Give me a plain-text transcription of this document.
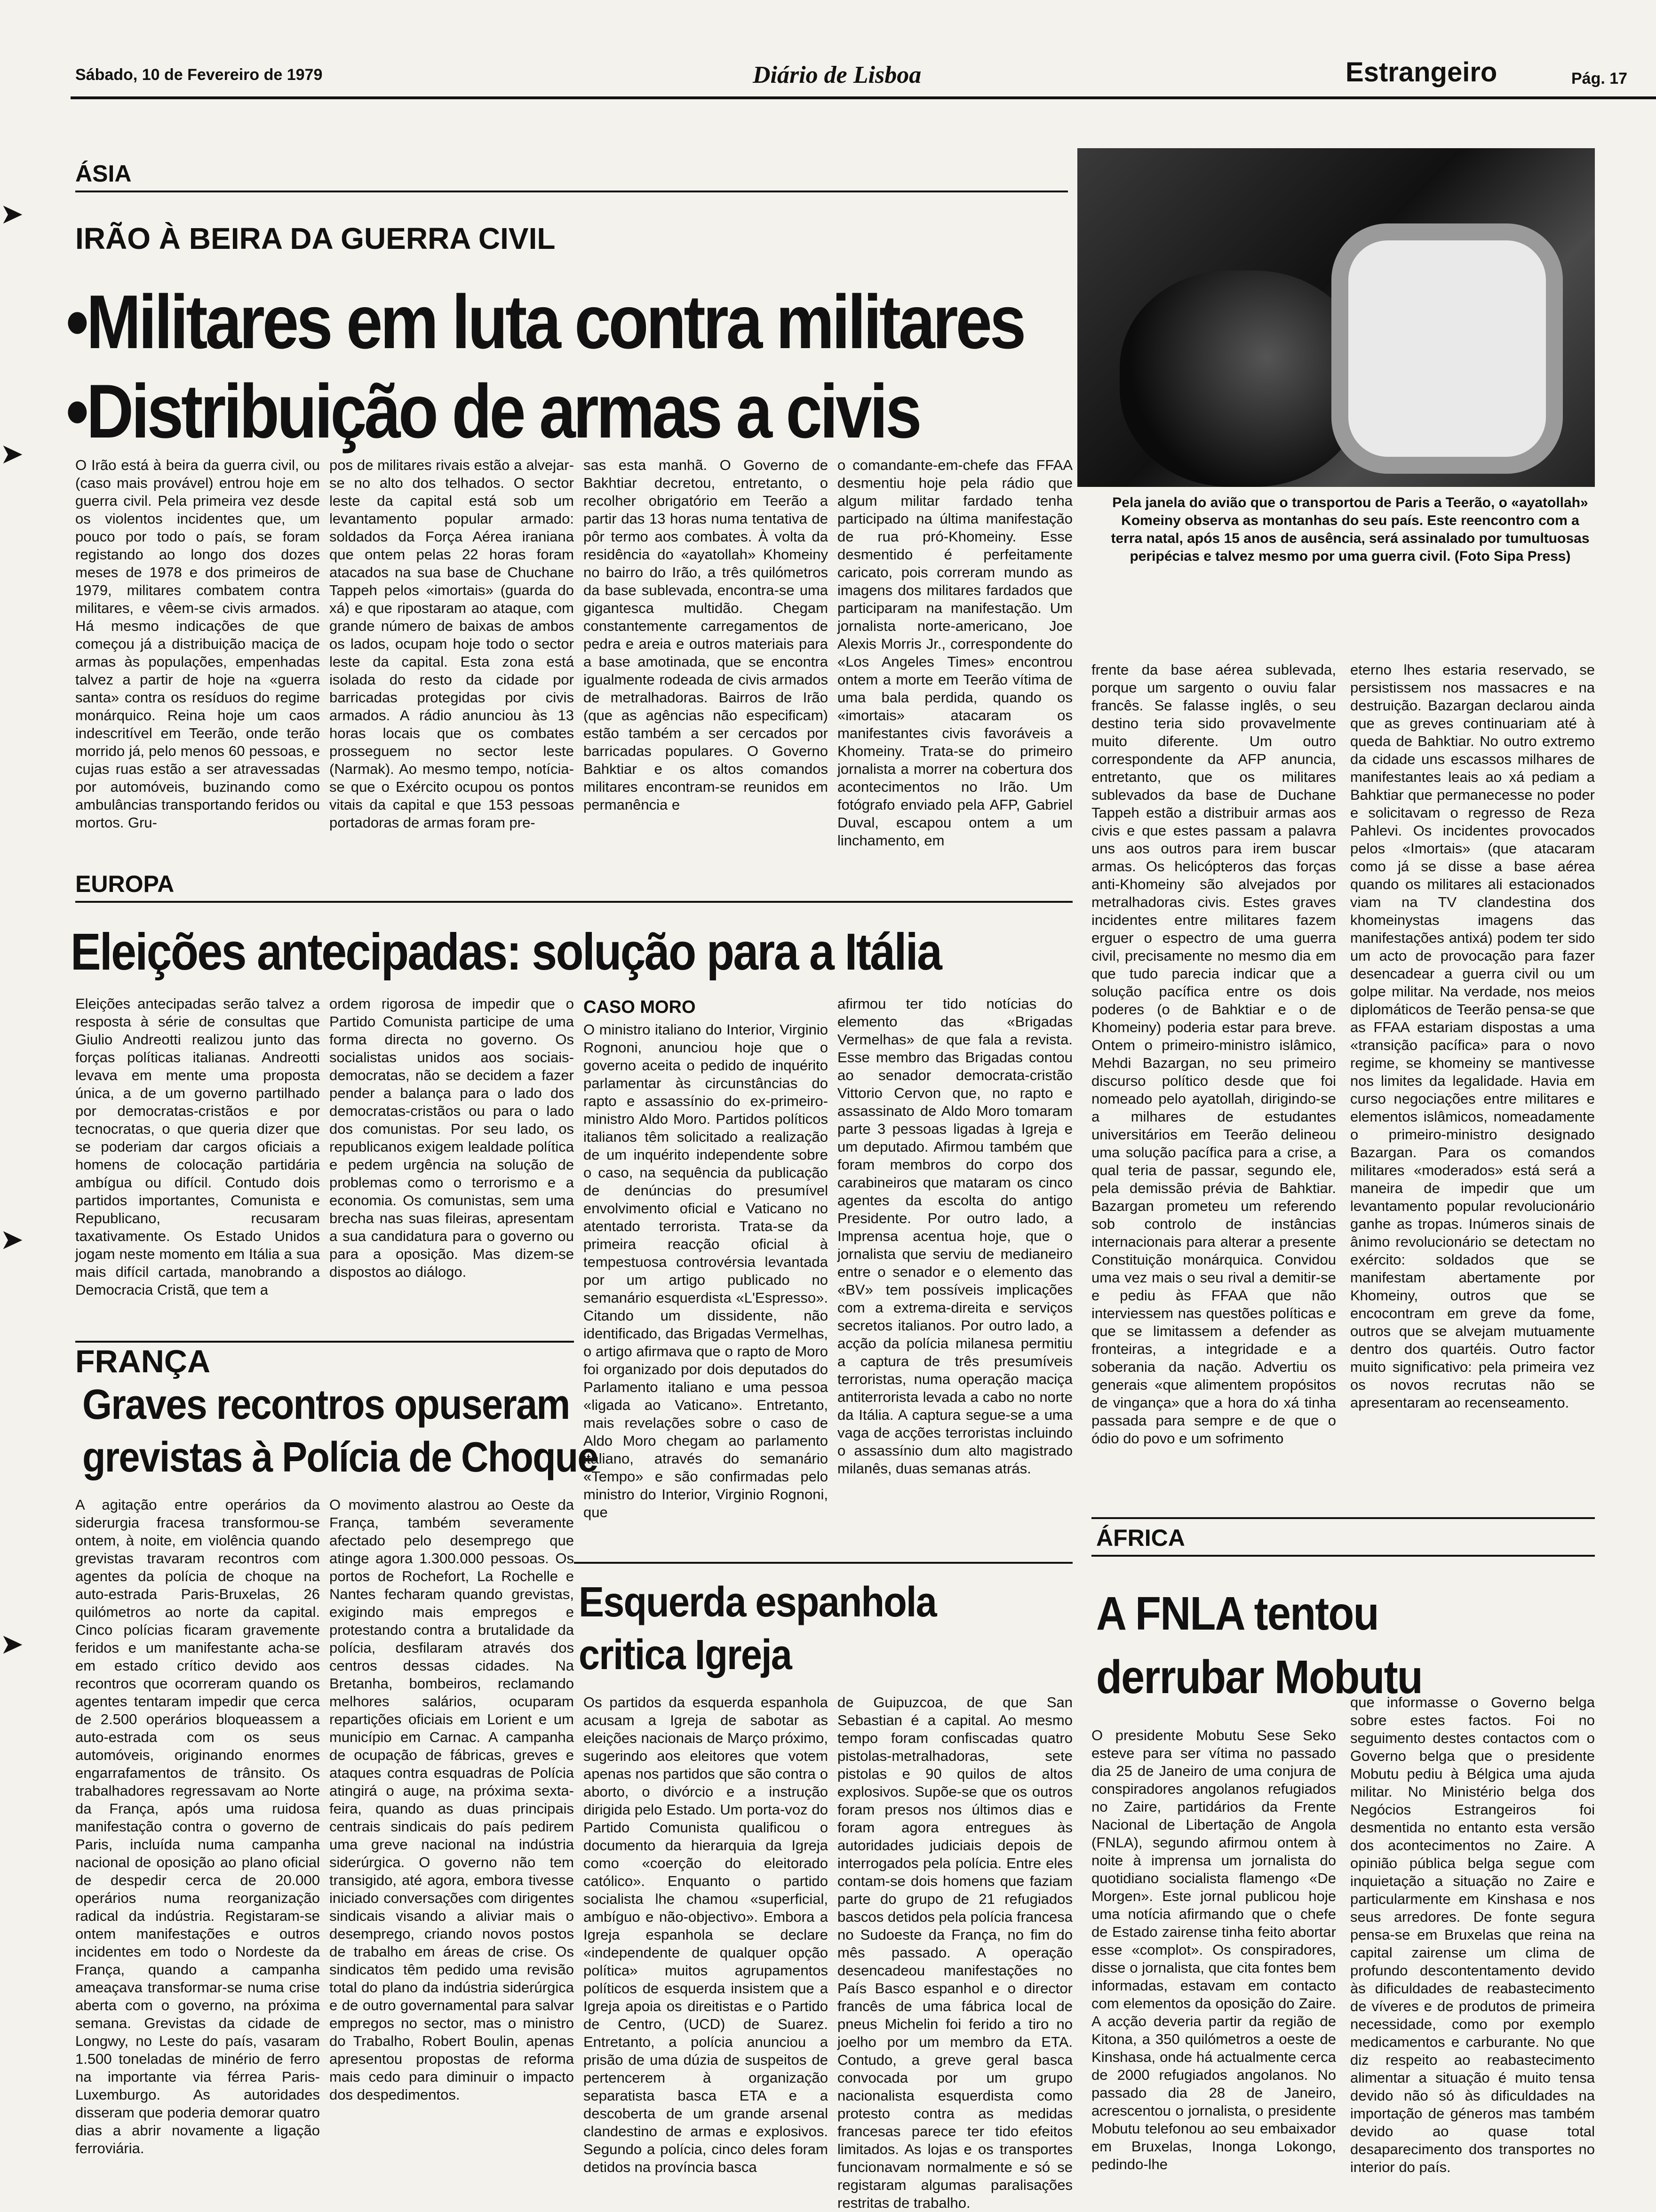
Sábado, 10 de Fevereiro de 1979	Diário de Lisboa	Estrangeiro	Pág. 17
➤
➤
➤
➤
ÁSIA
IRÃO À BEIRA DA GUERRA CIVIL
•Militares em luta contra militares
•Distribuição de armas a civis
O Irão está à beira da guerra civil, ou (caso mais provável) entrou hoje em guerra civil. Pela primeira vez desde os violentos incidentes que, um pouco por todo o país, se foram registando ao longo dos dozes meses de 1978 e dos primeiros de 1979, militares combatem contra militares, e vêem-se civis armados. Há mesmo indicações de que começou já a distribuição maciça de armas às populações, empenhadas talvez a partir de hoje na «guerra santa» contra os resíduos do regime monárquico. Reina hoje um caos indescritível em Teerão, onde terão morrido já, pelo menos 60 pessoas, e cujas ruas estão a ser atravessadas por automóveis, buzinando como ambulâncias transportando feridos ou mortos. Gru-
pos de militares rivais estão a alvejar-se no alto dos telhados. O sector leste da capital está sob um levantamento popular armado: soldados da Força Aérea iraniana que ontem pelas 22 horas foram atacados na sua base de Chuchane Tappeh pelos «imortais» (guarda do xá) e que ripostaram ao ataque, com grande número de baixas de ambos os lados, ocupam hoje todo o sector leste da capital. Esta zona está isolada do resto da cidade por barricadas protegidas por civis armados. A rádio anunciou às 13 horas locais que os combates prosseguem no sector leste (Narmak). Ao mesmo tempo, notícia-se que o Exército ocupou os pontos vitais da capital e que 153 pessoas portadoras de armas foram pre-
sas esta manhã. O Governo de Bakhtiar decretou, entretanto, o recolher obrigatório em Teerão a partir das 13 horas numa tentativa de pôr termo aos combates. À volta da residência do «ayatollah» Khomeiny no bairro do Irão, a três quilómetros da base sublevada, encontra-se uma gigantesca multidão. Chegam constantemente carregamentos de pedra e areia e outros materiais para a base amotinada, que se encontra igualmente rodeada de civis armados de metralhadoras. Bairros de Irão (que as agências não especificam) estão também a ser cercados por barricadas populares. O Governo Bahktiar e os altos comandos militares encontram-se reunidos em permanência e
o comandante-em-chefe das FFAA desmentiu hoje pela rádio que algum militar fardado tenha participado na última manifestação de rua pró-Khomeiny. Esse desmentido é perfeitamente caricato, pois correram mundo as imagens dos militares fardados que participaram na manifestação. Um jornalista norte-americano, Joe Alexis Morris Jr., correspondente do «Los Angeles Times» encontrou ontem a morte em Teerão vítima de uma bala perdida, quando os «imortais» atacaram os manifestantes civis favoráveis a Khomeiny. Trata-se do primeiro jornalista a morrer na cobertura dos acontecimentos no Irão. Um fotógrafo enviado pela AFP, Gabriel Duval, escapou ontem a um linchamento, em
Pela janela do avião que o transportou de Paris a Teerão, o «ayatollah» Komeiny observa as montanhas do seu país. Este reencontro com a terra natal, após 15 anos de ausência, será assinalado por tumultuosas peripécias e talvez mesmo por uma guerra civil. (Foto Sipa Press)
frente da base aérea sublevada, porque um sargento o ouviu falar francês. Se falasse inglês, o seu destino teria sido provavelmente muito diferente. Um outro correspondente da AFP anuncia, entretanto, que os militares sublevados da base de Duchane Tappeh estão a distribuir armas aos civis e que estes passam a palavra uns aos outros para irem buscar armas. Os helicópteros das forças anti-Khomeiny são alvejados por metralhadoras civis. Estes graves incidentes entre militares fazem erguer o espectro de uma guerra civil, precisamente no mesmo dia em que tudo parecia indicar que a solução pacífica entre os dois poderes (o de Bahktiar e o de Khomeiny) poderia estar para breve. Ontem o primeiro-ministro islâmico, Mehdi Bazargan, no seu primeiro discurso político desde que foi nomeado pelo ayatollah, dirigindo-se a milhares de estudantes universitários em Teerão delineou uma solução pacífica para a crise, a qual teria de passar, segundo ele, pela demissão prévia de Bahktiar. Bazargan prometeu um referendo sob controlo de instâncias internacionais para alterar a presente Constituição monárquica. Convidou uma vez mais o seu rival a demitir-se e pediu às FFAA que não interviessem nas questões políticas e que se limitassem a defender as fronteiras, a integridade e a soberania da nação. Advertiu os generais «que alimentem propósitos de vingança» que a hora do xá tinha passada para sempre e de que o ódio do povo e um sofrimento
eterno lhes estaria reservado, se persistissem nos massacres e na destruição. Bazargan declarou ainda que as greves continuariam até à queda de Bahktiar. No outro extremo da cidade uns escassos milhares de manifestantes leais ao xá pediam a Bahktiar que permanecesse no poder e solicitavam o regresso de Reza Pahlevi. Os incidentes provocados pelos «Imortais» (que atacaram como já se disse a base aérea quando os militares ali estacionados viam na TV clandestina dos khomeinystas imagens das manifestações antixá) podem ter sido um acto de provocação para fazer desencadear a guerra civil ou um golpe militar. Na verdade, nos meios diplomáticos de Teerão pensa-se que as FFAA estariam dispostas a uma «transição pacífica» para o novo regime, se khomeiny se mantivesse nos limites da legalidade. Havia em curso negociações entre militares e elementos islâmicos, nomeadamente o primeiro-ministro designado Bazargan. Para os comandos militares «moderados» está será a maneira de impedir que um levantamento popular revolucionário ganhe as tropas. Inúmeros sinais de ânimo revolucionário se detectam no exército: soldados que se manifestam abertamente por Khomeiny, outros que se encocontram em greve da fome, outros que se alvejam mutuamente dentro dos quartéis. Outro factor muito significativo: pela primeira vez os novos recrutas não se apresentaram ao recenseamento.
EUROPA
Eleições antecipadas: solução para a Itália
Eleições antecipadas serão talvez a resposta à série de consultas que Giulio Andreotti realizou junto das forças políticas italianas. Andreotti levava em mente uma proposta única, a de um governo partilhado por democratas-cristãos e por tecnocratas, o que queria dizer que se poderiam dar cargos oficiais a homens de colocação partidária ambígua ou difícil. Contudo dois partidos importantes, Comunista e Republicano, recusaram taxativamente. Os Estado Unidos jogam neste momento em Itália a sua mais difícil cartada, manobrando a Democracia Cristã, que tem a
ordem rigorosa de impedir que o Partido Comunista participe de uma forma directa no governo. Os socialistas unidos aos sociais-democratas, não se decidem a fazer pender a balança para o lado dos democratas-cristãos ou para o lado dos comunistas. Por seu lado, os republicanos exigem lealdade política e pedem urgência na solução de problemas como o terrorismo e a economia. Os comunistas, sem uma brecha nas suas fileiras, apresentam a sua candidatura para o governo ou para a oposição. Mas dizem-se dispostos ao diálogo.
CASO MORO
O ministro italiano do Interior, Virginio Rognoni, anunciou hoje que o governo aceita o pedido de inquérito parlamentar às circunstâncias do rapto e assassínio do ex-primeiro-ministro Aldo Moro. Partidos políticos italianos têm solicitado a realização de um inquérito independente sobre o caso, na sequência da publicação de denúncias do presumível envolvimento oficial e Vaticano no atentado terrorista. Trata-se da primeira reacção oficial à tempestuosa controvérsia levantada por um artigo publicado no semanário esquerdista «L'Espresso». Citando um dissidente, não identificado, das Brigadas Vermelhas, o artigo afirmava que o rapto de Moro foi organizado por dois deputados do Parlamento italiano e uma pessoa «ligada ao Vaticano». Entretanto, mais revelações sobre o caso de Aldo Moro chegam ao parlamento italiano, através do semanário «Tempo» e são confirmadas pelo ministro do Interior, Virginio Rognoni, que
afirmou ter tido notícias do elemento das «Brigadas Vermelhas» de que fala a revista. Esse membro das Brigadas contou ao senador democrata-cristão Vittorio Cervon que, no rapto e assassinato de Aldo Moro tomaram parte 3 pessoas ligadas à Igreja e um deputado. Afirmou também que foram membros do corpo dos carabineiros que mataram os cinco agentes da escolta do antigo Presidente. Por outro lado, a Imprensa acentua hoje, que o jornalista que serviu de medianeiro entre o senador e o elemento das «BV» tem possíveis implicações com a extrema-direita e serviços secretos italianos. Por outro lado, a acção da polícia milanesa permitiu a captura de três presumíveis terroristas, numa operação maciça antiterrorista levada a cabo no norte da Itália. A captura segue-se a uma vaga de acções terroristas incluindo o assassínio dum alto magistrado milanês, duas semanas atrás.
FRANÇA
Graves recontros opuseram
grevistas à Polícia de Choque
A agitação entre operários da siderurgia fracesa transformou-se ontem, à noite, em violência quando grevistas travaram recontros com agentes da polícia de choque na auto-estrada Paris-Bruxelas, 26 quilómetros ao norte da capital. Cinco polícias ficaram gravemente feridos e um manifestante acha-se em estado crítico devido aos recontros que ocorreram quando os agentes tentaram impedir que cerca de 2.500 operários bloqueassem a auto-estrada com os seus automóveis, originando enormes engarrafamentos de trânsito. Os trabalhadores regressavam ao Norte da França, após uma ruidosa manifestação contra o governo de Paris, incluída numa campanha nacional de oposição ao plano oficial de despedir cerca de 20.000 operários numa reorganização radical da indústria. Registaram-se ontem manifestações e outros incidentes em todo o Nordeste da França, quando a campanha ameaçava transformar-se numa crise aberta com o governo, na próxima semana. Grevistas da cidade de Longwy, no Leste do país, vasaram 1.500 toneladas de minério de ferro na importante via férrea Paris-Luxemburgo. As autoridades disseram que poderia demorar quatro dias a abrir novamente a ligação ferroviária.
O movimento alastrou ao Oeste da França, também severamente afectado pelo desemprego que atinge agora 1.300.000 pessoas. Os portos de Rochefort, La Rochelle e Nantes fecharam quando grevistas, exigindo mais empregos e protestando contra a brutalidade da polícia, desfilaram através dos centros dessas cidades. Na Bretanha, bombeiros, reclamando melhores salários, ocuparam repartições oficiais em Lorient e um município em Carnac. A campanha de ocupação de fábricas, greves e ataques contra esquadras de Polícia atingirá o auge, na próxima sexta-feira, quando as duas principais centrais sindicais do país pedirem uma greve nacional na indústria siderúrgica. O governo não tem transigido, até agora, embora tivesse iniciado conversações com dirigentes sindicais visando a aliviar mais o desemprego, criando novos postos de trabalho em áreas de crise. Os sindicatos têm pedido uma revisão total do plano da indústria siderúrgica e de outro governamental para salvar empregos no sector, mas o ministro do Trabalho, Robert Boulin, apenas apresentou propostas de reforma mais cedo para diminuir o impacto dos despedimentos.
Esquerda espanhola
critica Igreja
Os partidos da esquerda espanhola acusam a Igreja de sabotar as eleições nacionais de Março próximo, sugerindo aos eleitores que votem apenas nos partidos que são contra o aborto, o divórcio e a instrução dirigida pelo Estado. Um porta-voz do Partido Comunista qualificou o documento da hierarquia da Igreja como «coerção do eleitorado católico». Enquanto o partido socialista lhe chamou «superficial, ambíguo e não-objectivo». Embora a Igreja espanhola se declare «independente de qualquer opção política» muitos agrupamentos políticos de esquerda insistem que a Igreja apoia os direitistas e o Partido de Centro, (UCD) de Suarez. Entretanto, a polícia anunciou a prisão de uma dúzia de suspeitos de pertencerem à organização separatista basca ETA e a descoberta de um grande arsenal clandestino de armas e explosivos. Segundo a polícia, cinco deles foram detidos na província basca
de Guipuzcoa, de que San Sebastian é a capital. Ao mesmo tempo foram confiscadas quatro pistolas-metralhadoras, sete pistolas e 90 quilos de altos explosivos. Supõe-se que os outros foram presos nos últimos dias e foram agora entregues às autoridades judiciais depois de interrogados pela polícia. Entre eles contam-se dois homens que faziam parte do grupo de 21 refugiados bascos detidos pela polícia francesa no Sudoeste da França, no fim do mês passado. A operação desencadeou manifestações no País Basco espanhol e o director francês de uma fábrica local de pneus Michelin foi ferido a tiro no joelho por um membro da ETA. Contudo, a greve geral basca convocada por um grupo nacionalista esquerdista como protesto contra as medidas francesas parece ter tido efeitos limitados. As lojas e os transportes funcionavam normalmente e só se registaram algumas paralisações restritas de trabalho.
ÁFRICA
A FNLA tentou
derrubar Mobutu
O presidente Mobutu Sese Seko esteve para ser vítima no passado dia 25 de Janeiro de uma conjura de conspiradores angolanos refugiados no Zaire, partidários da Frente Nacional de Libertação de Angola (FNLA), segundo afirmou ontem à noite à imprensa um jornalista do quotidiano socialista flamengo «De Morgen». Este jornal publicou hoje uma notícia afirmando que o chefe de Estado zairense tinha feito abortar esse «complot». Os conspiradores, disse o jornalista, que cita fontes bem informadas, estavam em contacto com elementos da oposição do Zaire. A acção deveria partir da região de Kitona, a 350 quilómetros a oeste de Kinshasa, onde há actualmente cerca de 2000 refugiados angolanos. No passado dia 28 de Janeiro, acrescentou o jornalista, o presidente Mobutu telefonou ao seu embaixador em Bruxelas, Inonga Lokongo, pedindo-lhe
que informasse o Governo belga sobre estes factos. Foi no seguimento destes contactos com o Governo belga que o presidente Mobutu pediu à Bélgica uma ajuda militar. No Ministério belga dos Negócios Estrangeiros foi desmentida no entanto esta versão dos acontecimentos no Zaire. A opinião pública belga segue com inquietação a situação no Zaire e particularmente em Kinshasa e nos seus arredores. De fonte segura pensa-se em Bruxelas que reina na capital zairense um clima de profundo descontentamento devido às dificuldades de reabastecimento de víveres e de produtos de primeira necessidade, como por exemplo medicamentos e carburante. No que diz respeito ao reabastecimento alimentar a situação é muito tensa devido não só às dificuldades na importação de géneros mas também devido ao quase total desaparecimento dos transportes no interior do país.
